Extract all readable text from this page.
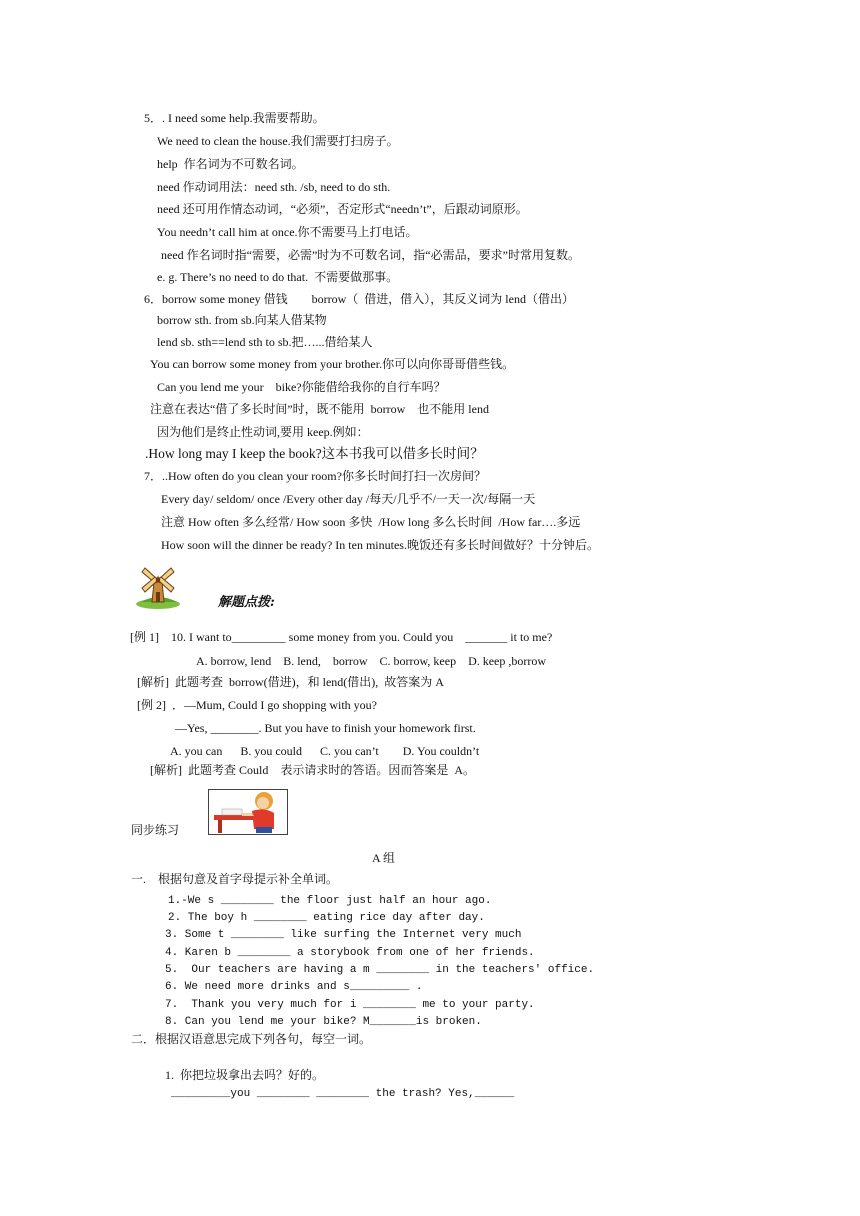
5．. I need some help.我需要帮助。
We need to clean the house.我们需要打扫房子。
help  作名词为不可数名词。
need 作动词用法：need sth. /sb, need to do sth.
need 还可用作情态动词，“必须”，否定形式“needn’t”，后跟动词原形。
You needn’t call him at once.你不需要马上打电话。
need 作名词时指“需要，必需”时为不可数名词，指“必需品，要求”时常用复数。
e. g. There’s no need to do that.  不需要做那事。
6．borrow some money 借钱        borrow（  借进，借入），其反义词为 lend（借出）
borrow sth. from sb.向某人借某物
lend sb. sth==lend sth to sb.把…...借给某人
You can borrow some money from your brother.你可以向你哥哥借些钱。
Can you lend me your    bike?你能借给我你的自行车吗？
注意在表达“借了多长时间”时，既不能用  borrow    也不能用 lend
因为他们是终止性动词,要用 keep.例如：
.How long may I keep the book?这本书我可以借多长时间？
7．..How often do you clean your room?你多长时间打扫一次房间？
Every day/ seldom/ once /Every other day /每天/几乎不/一天一次/每隔一天
注意 How often 多么经常/ How soon 多快  /How long 多么长时间  /How far….多远
How soon will the dinner be ready? In ten minutes.晚饭还有多长时间做好？十分钟后。
解题点拨:
[例 1]    10. I want to_________ some money from you. Could you    _______ it to me?
A. borrow, lend    B. lend,    borrow    C. borrow, keep    D. keep ,borrow
[解析]  此题考查  borrow(借进)，和 lend(借出),  故答案为 A
[例 2]  ．—Mum, Could I go shopping with you?
—Yes, ________. But you have to finish your homework first.
A. you can      B. you could      C. you can’t        D. You couldn’t
[解析]  此题考查 Could    表示请求时的答语。因而答案是  A。
同步练习
A 组
一.    根据句意及首字母提示补全单词。
1.-We s ________ the floor just half an hour ago.
2. The boy h ________ eating rice day after day.
3. Some t ________ like surfing the Internet very much
4. Karen b ________ a storybook from one of her friends.
5.  Our teachers are having a m ________ in the teachers' office.
6. We need more drinks and s_________ .
7.  Thank you very much for i ________ me to your party.
8. Can you lend me your bike? M_______is broken.
二．根据汉语意思完成下列各句，每空一词。
1.  你把垃圾拿出去吗？好的。
_________you ________ ________ the trash? Yes,______
